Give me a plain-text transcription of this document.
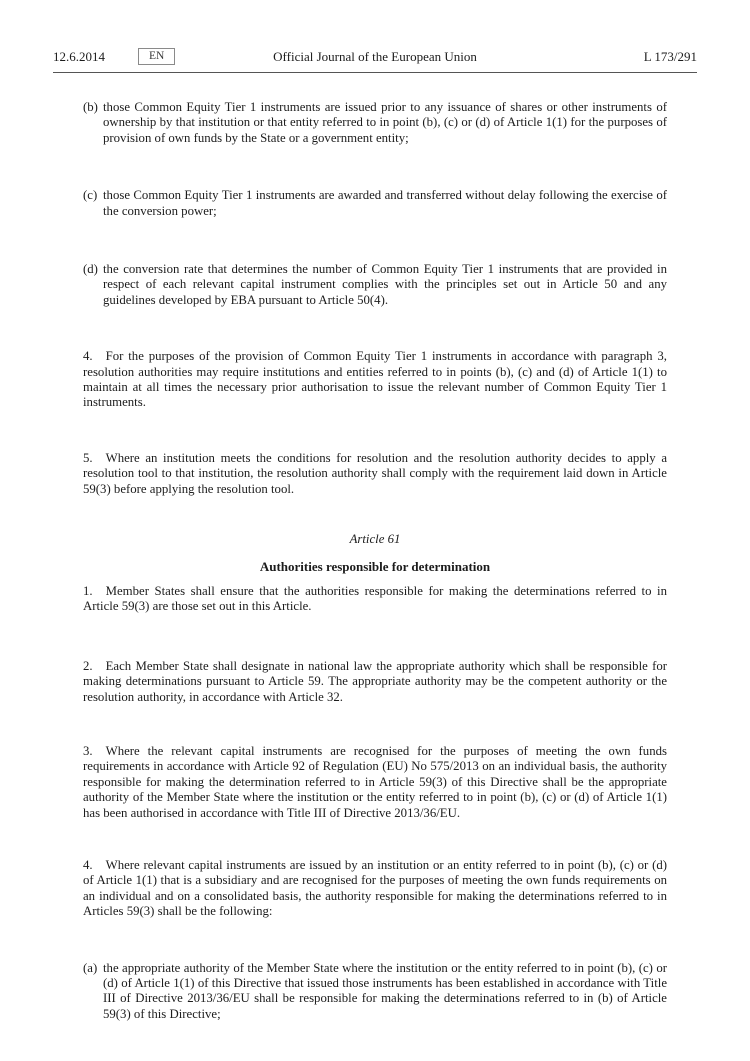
12.6.2014	EN	Official Journal of the European Union	L 173/291
(b) those Common Equity Tier 1 instruments are issued prior to any issuance of shares or other instruments of ownership by that institution or that entity referred to in point (b), (c) or (d) of Article 1(1) for the purposes of provision of own funds by the State or a government entity;
(c) those Common Equity Tier 1 instruments are awarded and transferred without delay following the exercise of the conversion power;
(d) the conversion rate that determines the number of Common Equity Tier 1 instruments that are provided in respect of each relevant capital instrument complies with the principles set out in Article 50 and any guidelines developed by EBA pursuant to Article 50(4).

4. For the purposes of the provision of Common Equity Tier 1 instruments in accordance with paragraph 3, resolution authorities may require institutions and entities referred to in points (b), (c) and (d) of Article 1(1) to maintain at all times the necessary prior authorisation to issue the relevant number of Common Equity Tier 1 instruments.

5. Where an institution meets the conditions for resolution and the resolution authority decides to apply a resolution tool to that institution, the resolution authority shall comply with the requirement laid down in Article 59(3) before applying the resolution tool.

Article 61

Authorities responsible for determination

1. Member States shall ensure that the authorities responsible for making the determinations referred to in Article 59(3) are those set out in this Article.

2. Each Member State shall designate in national law the appropriate authority which shall be responsible for making determinations pursuant to Article 59. The appropriate authority may be the competent authority or the resolution authority, in accordance with Article 32.

3. Where the relevant capital instruments are recognised for the purposes of meeting the own funds requirements in accordance with Article 92 of Regulation (EU) No 575/2013 on an individual basis, the authority responsible for making the determination referred to in Article 59(3) of this Directive shall be the appropriate authority of the Member State where the institution or the entity referred to in point (b), (c) or (d) of Article 1(1) has been authorised in accordance with Title III of Directive 2013/36/EU.

4. Where relevant capital instruments are issued by an institution or an entity referred to in point (b), (c) or (d) of Article 1(1) that is a subsidiary and are recognised for the purposes of meeting the own funds requirements on an individual and on a consolidated basis, the authority responsible for making the determinations referred to in Articles 59(3) shall be the following:

(a) the appropriate authority of the Member State where the institution or the entity referred to in point (b), (c) or (d) of Article 1(1) of this Directive that issued those instruments has been established in accordance with Title III of Directive 2013/36/EU shall be responsible for making the determinations referred to in (b) of Article 59(3) of this Directive;
